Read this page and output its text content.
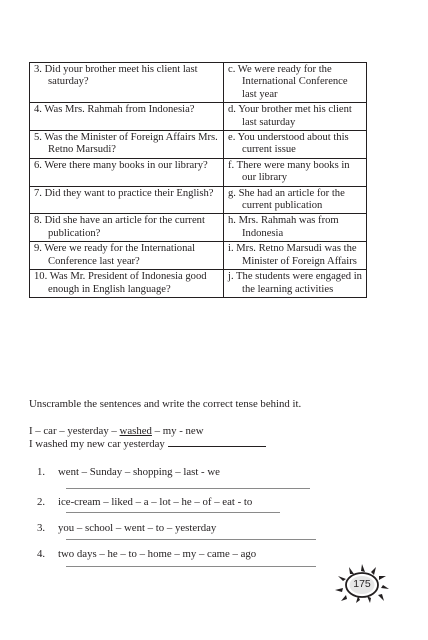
3. Did your brother meet his client last saturday?	c. We were ready for the International Conference last year

4. Was Mrs. Rahmah from Indonesia?	d. Your brother met his client last saturday

5. Was the Minister of Foreign Affairs Mrs. Retno Marsudi?	e. You understood about this current issue

6. Were there many books in our library?	f. There were many books in our library

7. Did they want to practice their English?	g. She had an article for the current publication

8. Did she have an article for the current publication?	h. Mrs. Rahmah was from Indonesia

9. Were we ready for the International Conference last year?	i. Mrs. Retno Marsudi was the Minister of Foreign Affairs

10. Was Mr. President of Indonesia good enough in English language?	j. The students were engaged in the learning activities
Unscramble the sentences and write the correct tense behind it.
I – car – yesterday – washed – my - new
I washed my new car yesterday
1. went – Sunday – shopping – last - we
2. ice-cream – liked – a – lot – he – of – eat - to
3. you – school – went – to – yesterday
4. two days – he – to – home – my – came – ago
175
